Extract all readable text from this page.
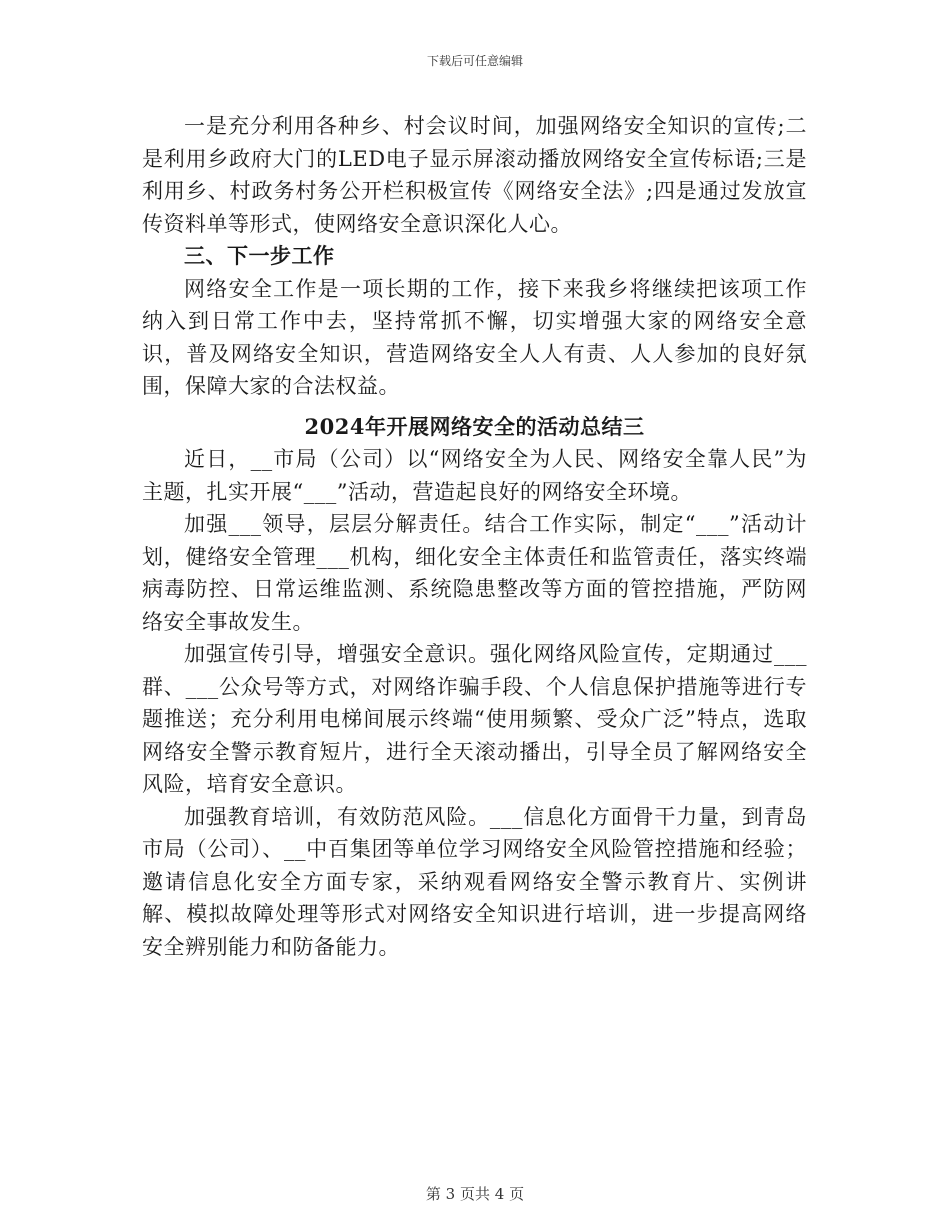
下载后可任意编辑

一是充分利用各种乡、村会议时间，加强网络安全知识的宣传;二是利用乡政府大门的LED电子显示屏滚动播放网络安全宣传标语;三是利用乡、村政务村务公开栏积极宣传《网络安全法》;四是通过发放宣传资料单等形式，使网络安全意识深化人心。

三、下一步工作

网络安全工作是一项长期的工作，接下来我乡将继续把该项工作纳入到日常工作中去，坚持常抓不懈，切实增强大家的网络安全意识，普及网络安全知识，营造网络安全人人有责、人人参加的良好氛围，保障大家的合法权益。

2024年开展网络安全的活动总结三

近日，__市局（公司）以“网络安全为人民、网络安全靠人民”为主题，扎实开展“___”活动，营造起良好的网络安全环境。

加强___领导，层层分解责任。结合工作实际，制定“___”活动计划，健络安全管理___机构，细化安全主体责任和监管责任，落实终端病毒防控、日常运维监测、系统隐患整改等方面的管控措施，严防网络安全事故发生。

加强宣传引导，增强安全意识。强化网络风险宣传，定期通过___群、___公众号等方式，对网络诈骗手段、个人信息保护措施等进行专题推送；充分利用电梯间展示终端“使用频繁、受众广泛”特点，选取网络安全警示教育短片，进行全天滚动播出，引导全员了解网络安全风险，培育安全意识。

加强教育培训，有效防范风险。___信息化方面骨干力量，到青岛市局（公司）、__中百集团等单位学习网络安全风险管控措施和经验；邀请信息化安全方面专家，采纳观看网络安全警示教育片、实例讲解、模拟故障处理等形式对网络安全知识进行培训，进一步提高网络安全辨别能力和防备能力。

第 3 页共 4 页
